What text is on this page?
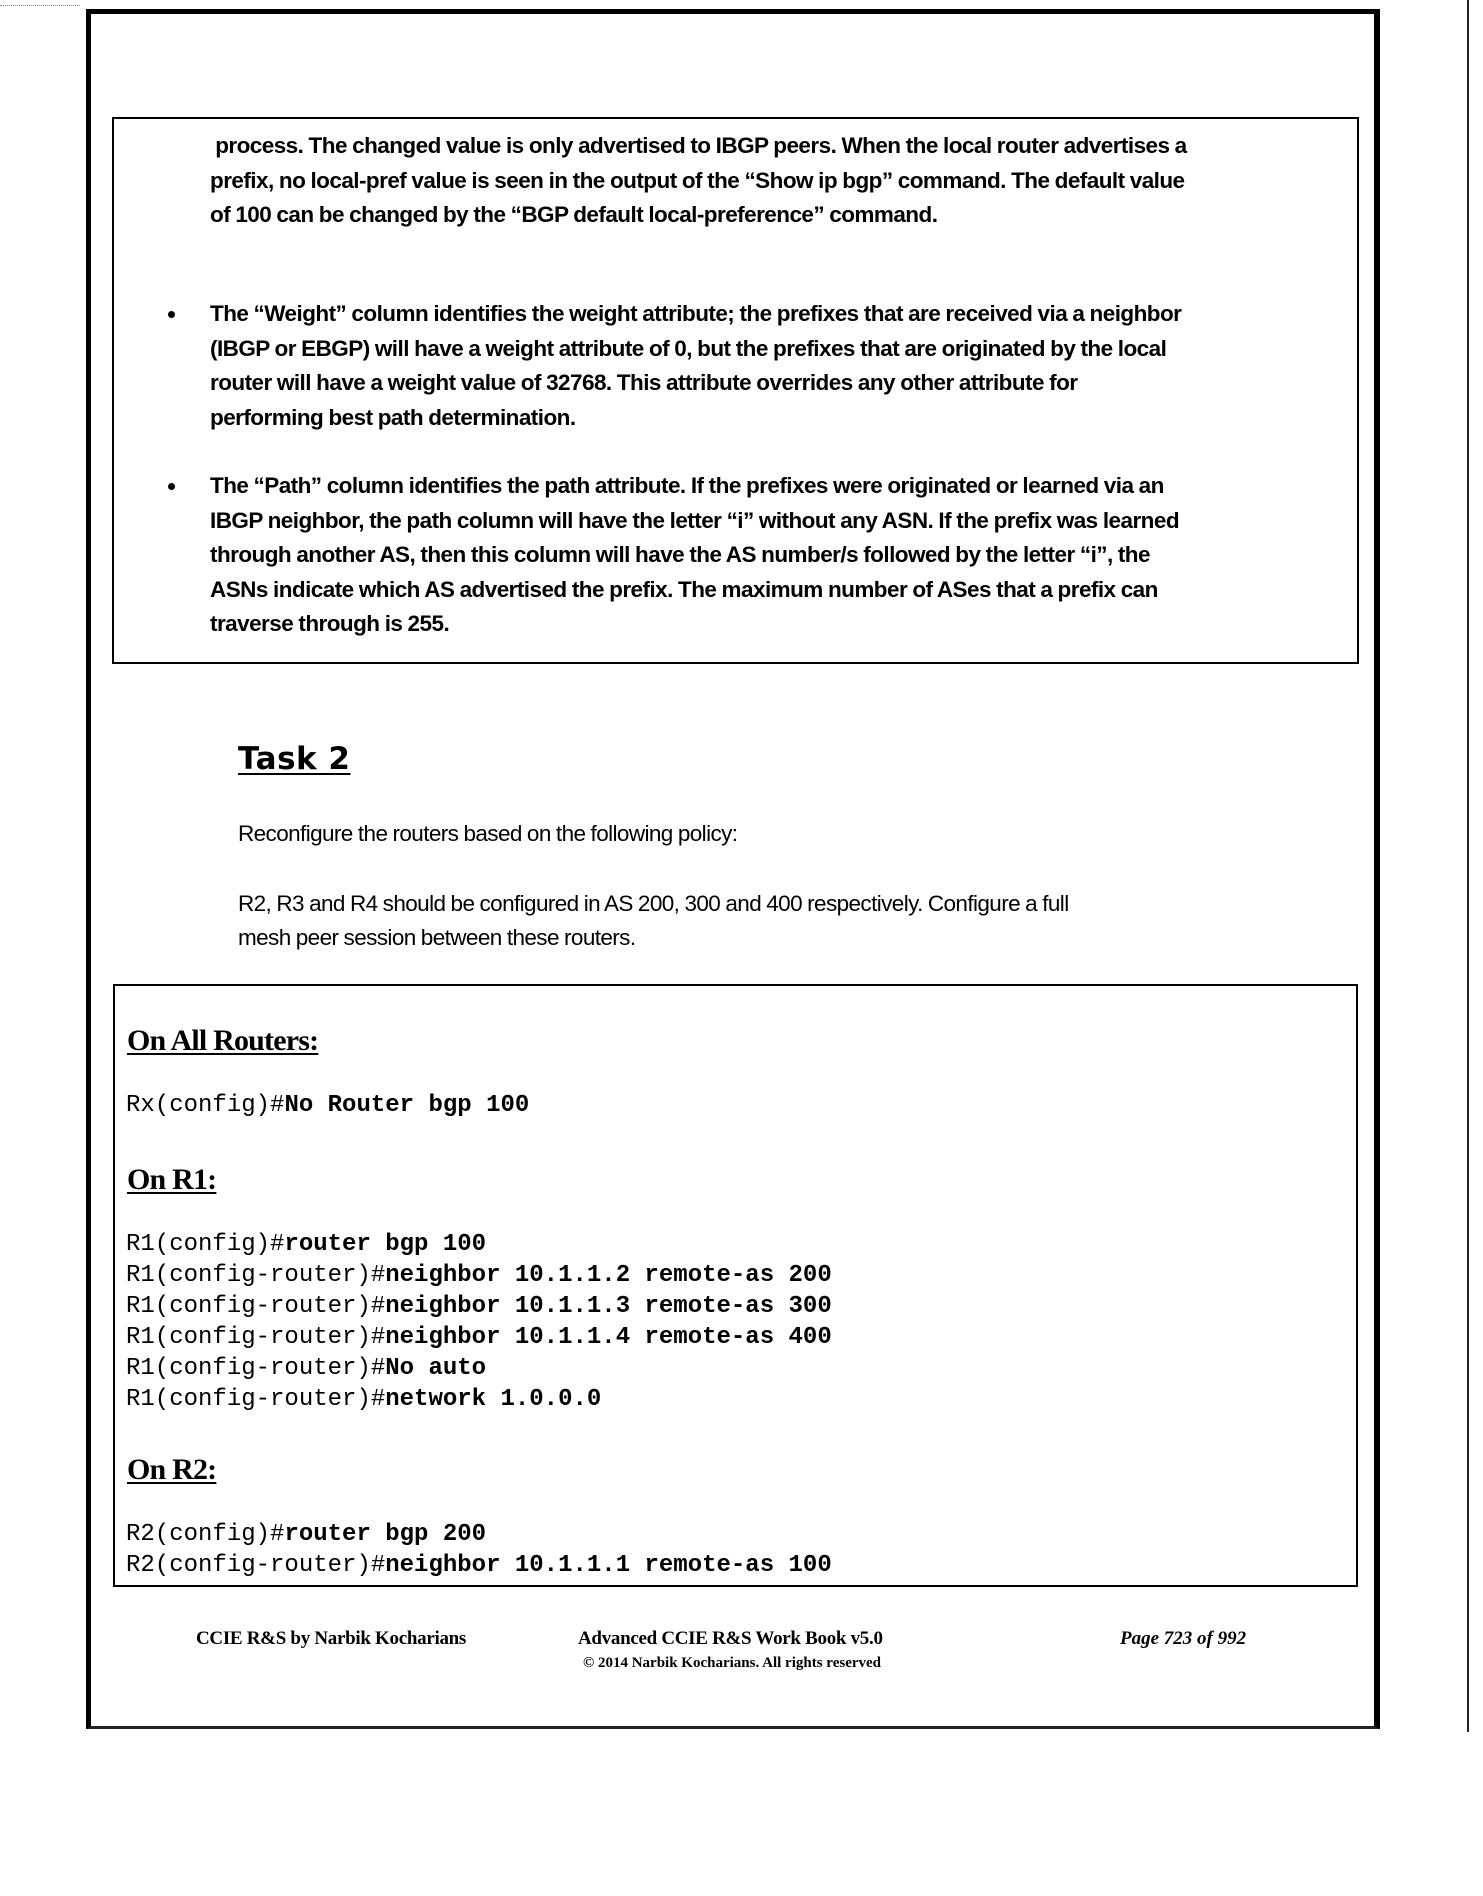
process. The changed value is only advertised to IBGP peers. When the local router advertises a
prefix, no local-pref value is seen in the output of the “Show ip bgp” command. The default value
of 100 can be changed by the “BGP default local-preference” command.
The “Weight” column identifies the weight attribute; the prefixes that are received via a neighbor
(IBGP or EBGP) will have a weight attribute of 0, but the prefixes that are originated by the local
router will have a weight value of 32768. This attribute overrides any other attribute for
performing best path determination.
The “Path” column identifies the path attribute. If the prefixes were originated or learned via an
IBGP neighbor, the path column will have the letter “i” without any ASN. If the prefix was learned
through another AS, then this column will have the AS number/s followed by the letter “i”, the
ASNs indicate which AS advertised the prefix. The maximum number of ASes that a prefix can
traverse through is 255.
Task 2
Reconfigure the routers based on the following policy:
R2, R3 and R4 should be configured in AS 200, 300 and 400 respectively. Configure a full
mesh peer session between these routers.
On All Routers:
Rx(config)#No Router bgp 100
On R1:
R1(config)#router bgp 100
R1(config-router)#neighbor 10.1.1.2 remote-as 200
R1(config-router)#neighbor 10.1.1.3 remote-as 300
R1(config-router)#neighbor 10.1.1.4 remote-as 400
R1(config-router)#No auto
R1(config-router)#network 1.0.0.0
On R2:
R2(config)#router bgp 200
R2(config-router)#neighbor 10.1.1.1 remote-as 100
CCIE R&S by Narbik Kocharians	Advanced CCIE R&S Work Book v5.0
© 2014 Narbik Kocharians. All rights reserved
Page 723 of 992
